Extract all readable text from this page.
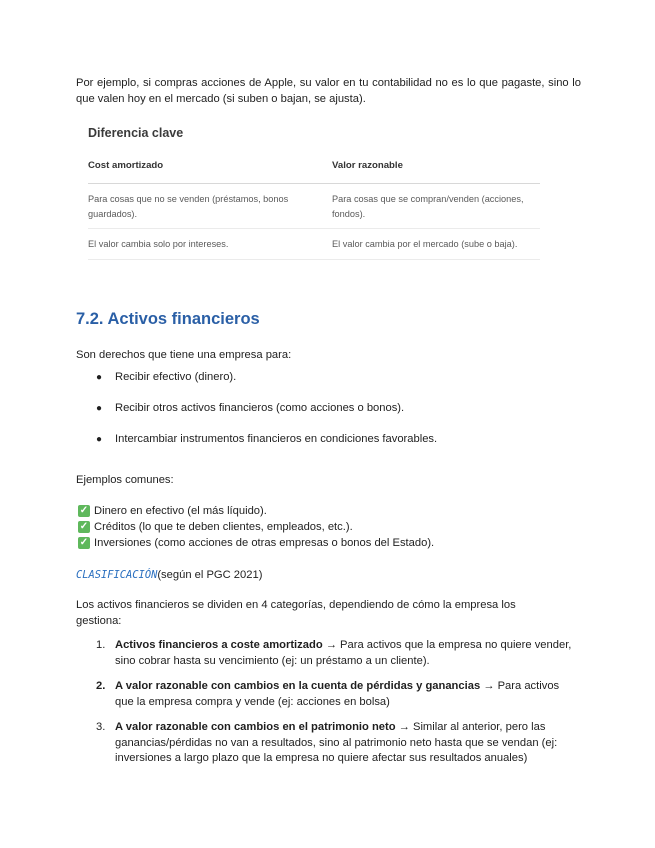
Por ejemplo, si compras acciones de Apple, su valor en tu contabilidad no es lo que pagaste, sino lo que valen hoy en el mercado (si suben o bajan, se ajusta).

Diferencia clave
Cost amortizado	Valor razonable

Para cosas que no se venden (préstamos, bonos guardados).	Para cosas que se compran/venden (acciones, fondos).

El valor cambia solo por intereses.	El valor cambia por el mercado (sube o baja).
7.2. Activos financieros

Son derechos que tiene una empresa para:

● Recibir efectivo (dinero).
● Recibir otros activos financieros (como acciones o bonos).
● Intercambiar instrumentos financieros en condiciones favorables.

Ejemplos comunes:

✓ Dinero en efectivo (el más líquido).
✓ Créditos (lo que te deben clientes, empleados, etc.).
✓ Inversiones (como acciones de otras empresas o bonos del Estado).
CLASIFICACIÓN(según el PGC 2021)

Los activos financieros se dividen en 4 categorías, dependiendo de cómo la empresa los gestiona:

1. Activos financieros a coste amortizado → Para activos que la empresa no quiere vender, sino cobrar hasta su vencimiento (ej: un préstamo a un cliente).
2. A valor razonable con cambios en la cuenta de pérdidas y ganancias → Para activos que la empresa compra y vende (ej: acciones en bolsa)
3. A valor razonable con cambios en el patrimonio neto → Similar al anterior, pero las ganancias/pérdidas no van a resultados, sino al patrimonio neto hasta que se vendan (ej: inversiones a largo plazo que la empresa no quiere afectar sus resultados anuales)
